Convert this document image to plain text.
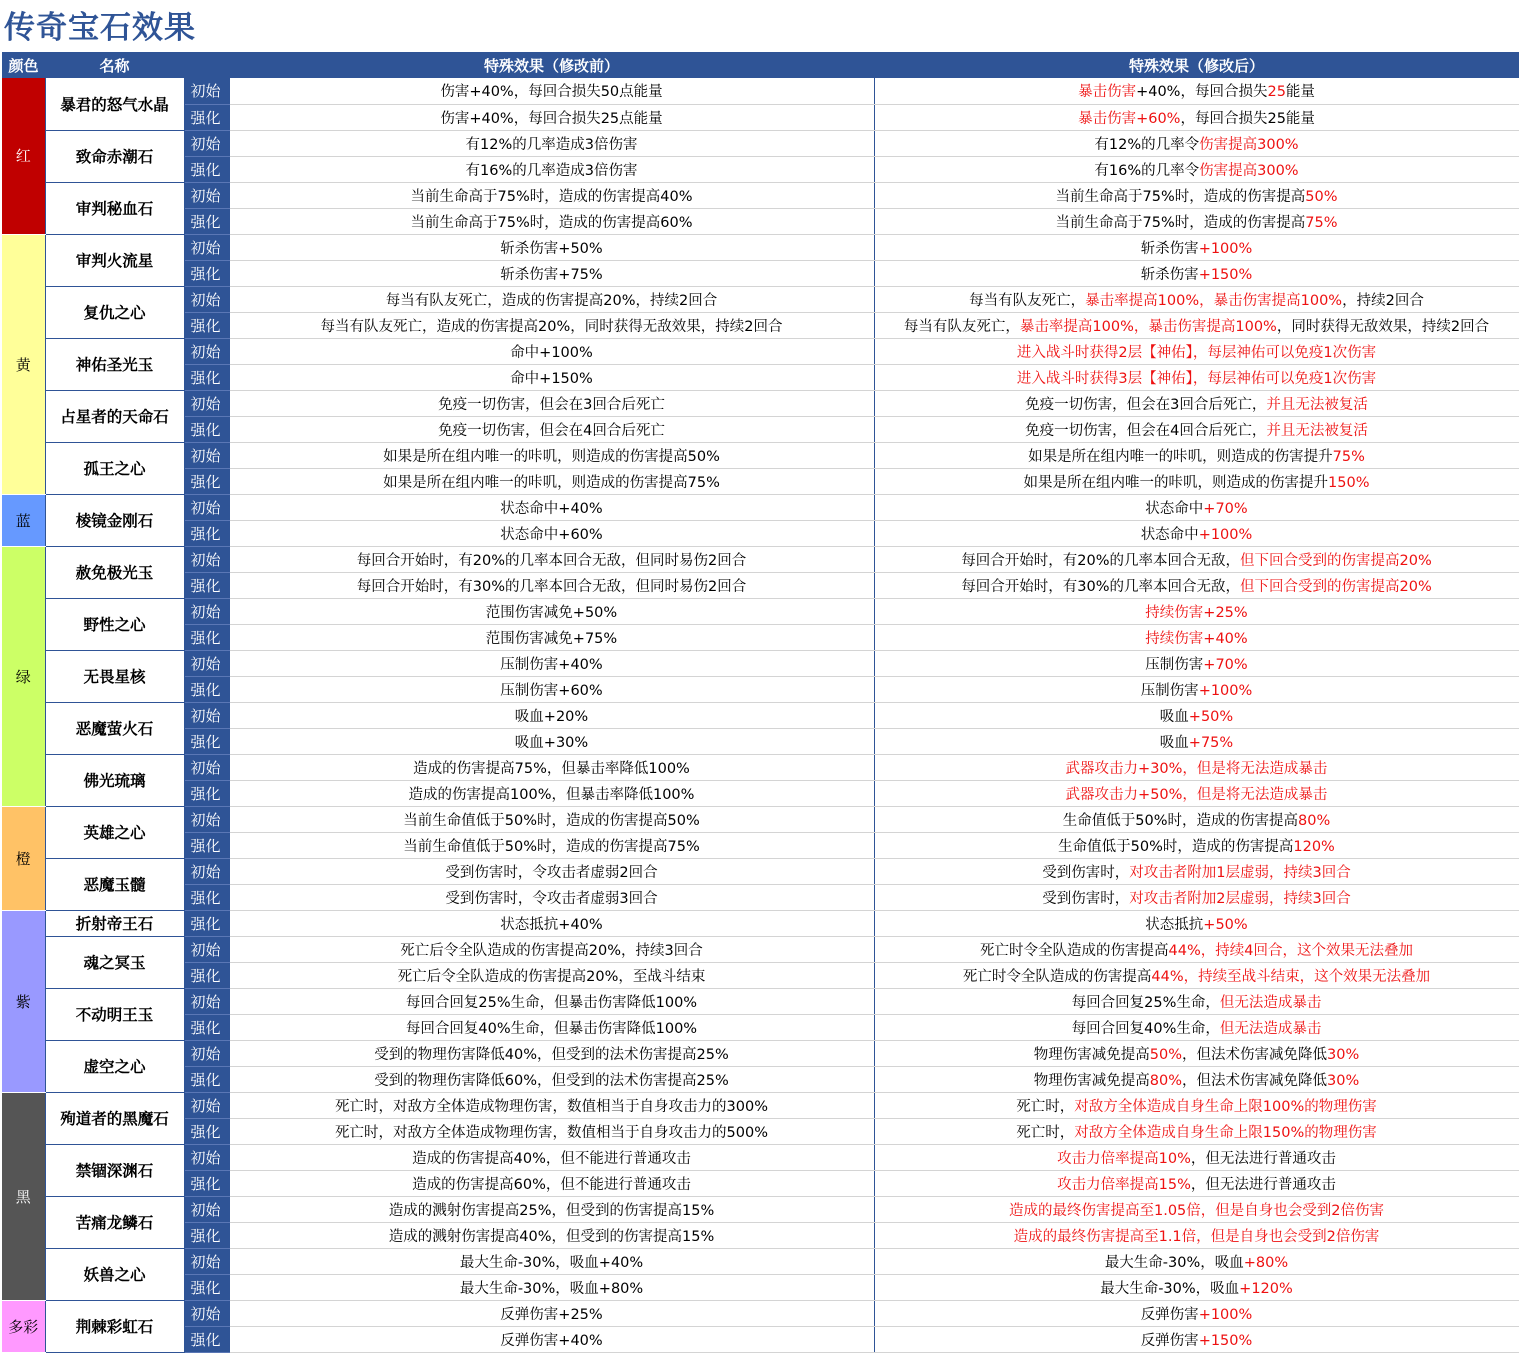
传奇宝石效果
颜色	名称		特殊效果（修改前）	特殊效果（修改后）
红	暴君的怒气水晶	初始	伤害+40%，每回合损失50点能量	暴击伤害+40%，每回合损失25能量
		强化	伤害+40%，每回合损失25点能量	暴击伤害+60%，每回合损失25能量
	致命赤潮石	初始	有12%的几率造成3倍伤害	有12%的几率令伤害提高300%
		强化	有16%的几率造成3倍伤害	有16%的几率令伤害提高300%
	审判秘血石	初始	当前生命高于75%时，造成的伤害提高40%	当前生命高于75%时，造成的伤害提高50%
		强化	当前生命高于75%时，造成的伤害提高60%	当前生命高于75%时，造成的伤害提高75%
黄	审判火流星	初始	斩杀伤害+50%	斩杀伤害+100%
		强化	斩杀伤害+75%	斩杀伤害+150%
	复仇之心	初始	每当有队友死亡，造成的伤害提高20%，持续2回合	每当有队友死亡，暴击率提高100%，暴击伤害提高100%，持续2回合
		强化	每当有队友死亡，造成的伤害提高20%，同时获得无敌效果，持续2回合	每当有队友死亡，暴击率提高100%，暴击伤害提高100%，同时获得无敌效果，持续2回合
	神佑圣光玉	初始	命中+100%	进入战斗时获得2层【神佑】，每层神佑可以免疫1次伤害
		强化	命中+150%	进入战斗时获得3层【神佑】，每层神佑可以免疫1次伤害
	占星者的天命石	初始	免疫一切伤害，但会在3回合后死亡	免疫一切伤害，但会在3回合后死亡，并且无法被复活
		强化	免疫一切伤害，但会在4回合后死亡	免疫一切伤害，但会在4回合后死亡，并且无法被复活
	孤王之心	初始	如果是所在组内唯一的咔叽，则造成的伤害提高50%	如果是所在组内唯一的咔叽，则造成的伤害提升75%
		强化	如果是所在组内唯一的咔叽，则造成的伤害提高75%	如果是所在组内唯一的咔叽，则造成的伤害提升150%
蓝	棱镜金刚石	初始	状态命中+40%	状态命中+70%
		强化	状态命中+60%	状态命中+100%
绿	赦免极光玉	初始	每回合开始时，有20%的几率本回合无敌，但同时易伤2回合	每回合开始时，有20%的几率本回合无敌，但下回合受到的伤害提高20%
		强化	每回合开始时，有30%的几率本回合无敌，但同时易伤2回合	每回合开始时，有30%的几率本回合无敌，但下回合受到的伤害提高20%
	野性之心	初始	范围伤害减免+50%	持续伤害+25%
		强化	范围伤害减免+75%	持续伤害+40%
	无畏星核	初始	压制伤害+40%	压制伤害+70%
		强化	压制伤害+60%	压制伤害+100%
	恶魔萤火石	初始	吸血+20%	吸血+50%
		强化	吸血+30%	吸血+75%
	佛光琉璃	初始	造成的伤害提高75%，但暴击率降低100%	武器攻击力+30%，但是将无法造成暴击
		强化	造成的伤害提高100%，但暴击率降低100%	武器攻击力+50%，但是将无法造成暴击
橙	英雄之心	初始	当前生命值低于50%时，造成的伤害提高50%	生命值低于50%时，造成的伤害提高80%
		强化	当前生命值低于50%时，造成的伤害提高75%	生命值低于50%时，造成的伤害提高120%
	恶魔玉髓	初始	受到伤害时，令攻击者虚弱2回合	受到伤害时，对攻击者附加1层虚弱，持续3回合
		强化	受到伤害时，令攻击者虚弱3回合	受到伤害时，对攻击者附加2层虚弱，持续3回合
紫	折射帝王石	强化	状态抵抗+40%	状态抵抗+50%
	魂之冥玉	初始	死亡后令全队造成的伤害提高20%，持续3回合	死亡时令全队造成的伤害提高44%，持续4回合，这个效果无法叠加
		强化	死亡后令全队造成的伤害提高20%，至战斗结束	死亡时令全队造成的伤害提高44%，持续至战斗结束，这个效果无法叠加
	不动明王玉	初始	每回合回复25%生命，但暴击伤害降低100%	每回合回复25%生命，但无法造成暴击
		强化	每回合回复40%生命，但暴击伤害降低100%	每回合回复40%生命，但无法造成暴击
	虚空之心	初始	受到的物理伤害降低40%，但受到的法术伤害提高25%	物理伤害减免提高50%，但法术伤害减免降低30%
		强化	受到的物理伤害降低60%，但受到的法术伤害提高25%	物理伤害减免提高80%，但法术伤害减免降低30%
黑	殉道者的黑魔石	初始	死亡时，对敌方全体造成物理伤害，数值相当于自身攻击力的300%	死亡时，对敌方全体造成自身生命上限100%的物理伤害
		强化	死亡时，对敌方全体造成物理伤害，数值相当于自身攻击力的500%	死亡时，对敌方全体造成自身生命上限150%的物理伤害
	禁锢深渊石	初始	造成的伤害提高40%，但不能进行普通攻击	攻击力倍率提高10%，但无法进行普通攻击
		强化	造成的伤害提高60%，但不能进行普通攻击	攻击力倍率提高15%，但无法进行普通攻击
	苦痛龙鳞石	初始	造成的溅射伤害提高25%，但受到的伤害提高15%	造成的最终伤害提高至1.05倍，但是自身也会受到2倍伤害
		强化	造成的溅射伤害提高40%，但受到的伤害提高15%	造成的最终伤害提高至1.1倍，但是自身也会受到2倍伤害
	妖兽之心	初始	最大生命-30%，吸血+40%	最大生命-30%，吸血+80%
		强化	最大生命-30%，吸血+80%	最大生命-30%，吸血+120%
多彩	荆棘彩虹石	初始	反弹伤害+25%	反弹伤害+100%
		强化	反弹伤害+40%	反弹伤害+150%
